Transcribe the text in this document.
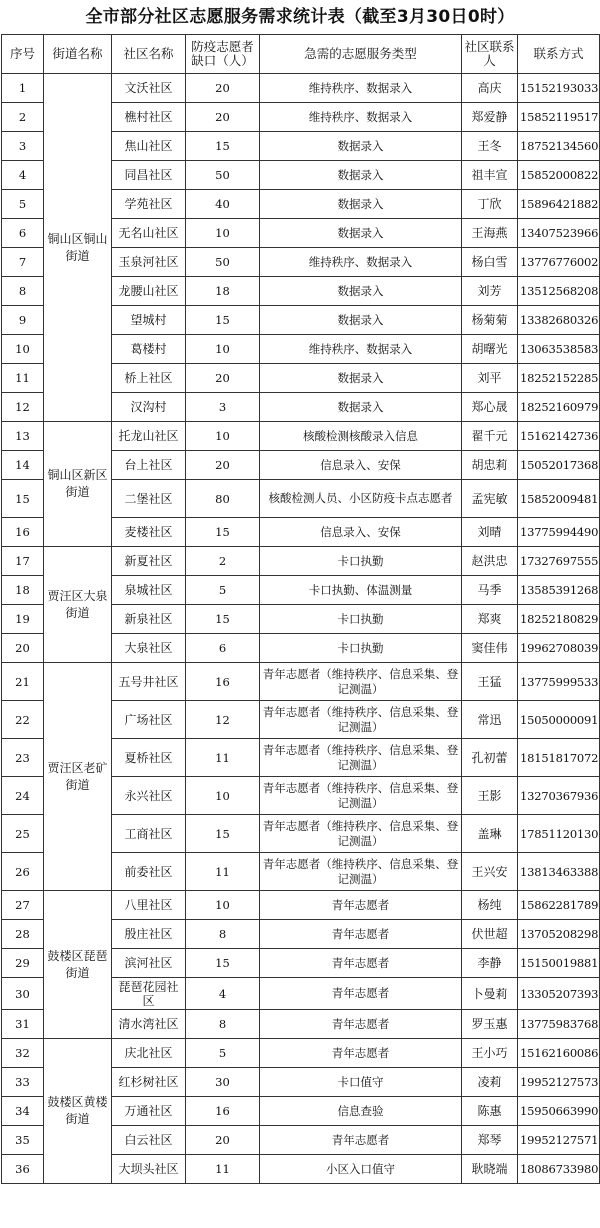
全市部分社区志愿服务需求统计表（截至3月30日0时）
序号	街道名称	社区名称	防疫志愿者缺口（人）	急需的志愿服务类型	社区联系人	联系方式
1	铜山区铜山街道	文沃社区	20	维持秩序、数据录入	高庆	15152193033
2		樵村社区	20	维持秩序、数据录入	郑爱静	15852119517
3		焦山社区	15	数据录入	王冬	18752134560
4		同昌社区	50	数据录入	祖丰宣	15852000822
5		学苑社区	40	数据录入	丁欣	15896421882
6		无名山社区	10	数据录入	王海燕	13407523966
7		玉泉河社区	50	维持秩序、数据录入	杨白雪	13776776002
8		龙腰山社区	18	数据录入	刘芳	13512568208
9		望城村	15	数据录入	杨菊菊	13382680326
10		葛楼村	10	维持秩序、数据录入	胡曙光	13063538583
11		桥上社区	20	数据录入	刘平	18252152285
12		汉沟村	3	数据录入	郑心晟	18252160979
13	铜山区新区街道	托龙山社区	10	核酸检测核酸录入信息	翟千元	15162142736
14		台上社区	20	信息录入、安保	胡忠莉	15052017368
15		二堡社区	80	核酸检测人员、小区防疫卡点志愿者	孟宪敏	15852009481
16		麦楼社区	15	信息录入、安保	刘晴	13775994490
17	贾汪区大泉街道	新夏社区	2	卡口执勤	赵洪忠	17327697555
18		泉城社区	5	卡口执勤、体温测量	马季	13585391268
19		新泉社区	15	卡口执勤	郑爽	18252180829
20		大泉社区	6	卡口执勤	窦佳伟	19962708039
21	贾汪区老矿街道	五号井社区	16	青年志愿者（维持秩序、信息采集、登记测温）	王猛	13775999533
22		广场社区	12	青年志愿者（维持秩序、信息采集、登记测温）	常迅	15050000091
23		夏桥社区	11	青年志愿者（维持秩序、信息采集、登记测温）	孔初蕾	18151817072
24		永兴社区	10	青年志愿者（维持秩序、信息采集、登记测温）	王影	13270367936
25		工商社区	15	青年志愿者（维持秩序、信息采集、登记测温）	盖琳	17851120130
26		前委社区	11	青年志愿者（维持秩序、信息采集、登记测温）	王兴安	13813463388
27	鼓楼区琵琶街道	八里社区	10	青年志愿者	杨纯	15862281789
28		殷庄社区	8	青年志愿者	伏世超	13705208298
29		滨河社区	15	青年志愿者	李静	15150019881
30		琵琶花园社区	4	青年志愿者	卜曼莉	13305207393
31		清水湾社区	8	青年志愿者	罗玉惠	13775983768
32	鼓楼区黄楼街道	庆北社区	5	青年志愿者	王小巧	15162160086
33		红杉树社区	30	卡口值守	凌莉	19952127573
34		万通社区	16	信息查验	陈惠	15950663990
35		白云社区	20	青年志愿者	郑琴	19952127571
36		大坝头社区	11	小区入口值守	耿晓端	18086733980
